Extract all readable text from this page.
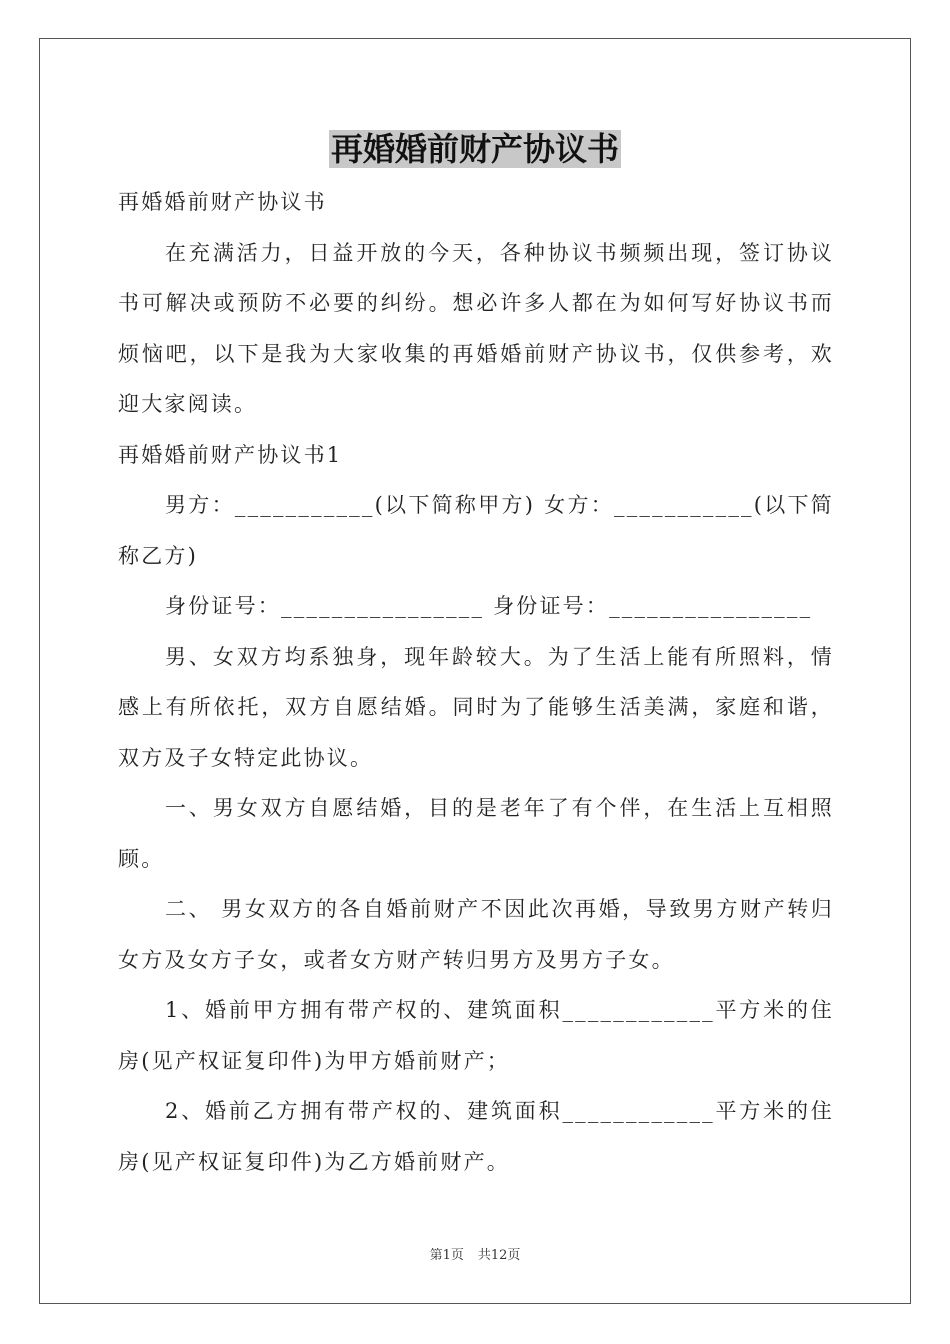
再婚婚前财产协议书

再婚婚前财产协议书

在充满活力，日益开放的今天，各种协议书频频出现，签订协议书可解决或预防不必要的纠纷。想必许多人都在为如何写好协议书而烦恼吧，以下是我为大家收集的再婚婚前财产协议书，仅供参考，欢迎大家阅读。

再婚婚前财产协议书1

男方：___________(以下简称甲方) 女方：___________(以下简称乙方)

身份证号：________________ 身份证号：________________

男、女双方均系独身，现年龄较大。为了生活上能有所照料，情感上有所依托，双方自愿结婚。同时为了能够生活美满，家庭和谐，双方及子女特定此协议。

一、男女双方自愿结婚，目的是老年了有个伴，在生活上互相照顾。

二、 男女双方的各自婚前财产不因此次再婚，导致男方财产转归女方及女方子女，或者女方财产转归男方及男方子女。

1、婚前甲方拥有带产权的、建筑面积____________平方米的住房(见产权证复印件)为甲方婚前财产；

2、婚前乙方拥有带产权的、建筑面积____________平方米的住房(见产权证复印件)为乙方婚前财产。

第1页 共12页
